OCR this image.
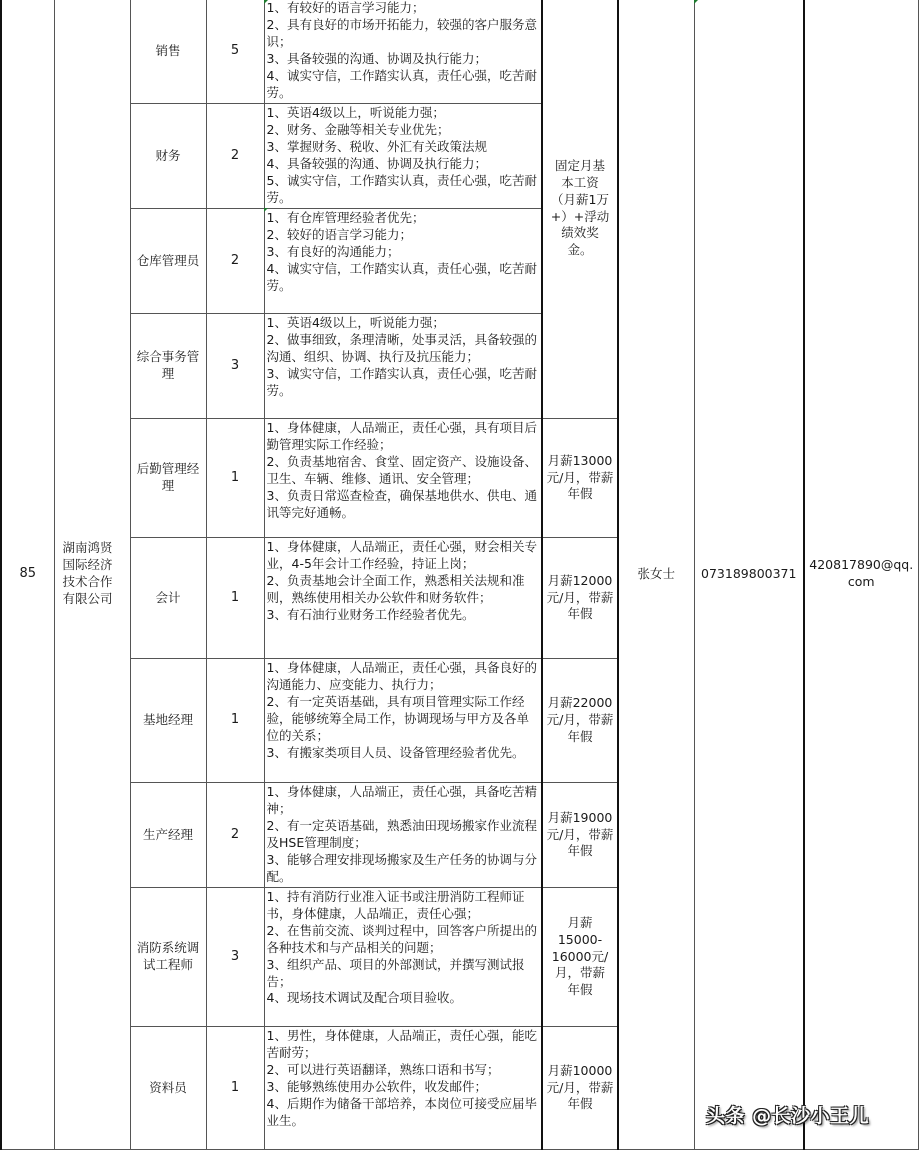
85	湖南鸿贤国际经济技术合作有限公司	销售	5	1、有较好的语言学习能力；
2、具有良好的市场开拓能力，较强的客户服务意识；
3、具备较强的沟通、协调及执行能力；
4、诚实守信，工作踏实认真，责任心强，吃苦耐劳。	固定月基本工资（月薪1万+）+浮动绩效奖金。	张女士	073189800371	420817890@qq.com
		财务	2	1、英语4级以上，听说能力强；
2、财务、金融等相关专业优先；
3、掌握财务、税收、外汇有关政策法规
4、具备较强的沟通、协调及执行能力；
5、诚实守信，工作踏实认真，责任心强，吃苦耐劳。				

		仓库管理员	2	1、有仓库管理经验者优先；
2、较好的语言学习能力；
3、有良好的沟通能力；
4、诚实守信，工作踏实认真，责任心强，吃苦耐劳。				

		综合事务管理	3	1、英语4级以上，听说能力强；
2、做事细致，条理清晰，处事灵活，具备较强的沟通、组织、协调、执行及抗压能力；
3、诚实守信，工作踏实认真，责任心强，吃苦耐劳。				

		后勤管理经理	1	1、身体健康，人品端正，责任心强，具有项目后勤管理实际工作经验；
2、负责基地宿舍、食堂、固定资产、设施设备、卫生、车辆、维修、通讯、安全管理；
3、负责日常巡查检查，确保基地供水、供电、通讯等完好通畅。	月薪13000元/月，带薪年假			
		会计	1	1、身体健康，人品端正，责任心强，财会相关专业，4-5年会计工作经验，持证上岗；
2、负责基地会计全面工作，熟悉相关法规和准则，熟练使用相关办公软件和财务软件；
3、有石油行业财务工作经验者优先。	月薪12000元/月，带薪年假			
		基地经理	1	1、身体健康，人品端正，责任心强，具备良好的沟通能力、应变能力、执行力；
2、有一定英语基础，具有项目管理实际工作经验，能够统筹全局工作，协调现场与甲方及各单位的关系；
3、有搬家类项目人员、设备管理经验者优先。	月薪22000元/月，带薪年假			
		生产经理	2	1、身体健康，人品端正，责任心强，具备吃苦精神；
2、有一定英语基础，熟悉油田现场搬家作业流程及HSE管理制度；
3、能够合理安排现场搬家及生产任务的协调与分配。	月薪19000元/月，带薪年假			
		消防系统调试工程师	3	1、持有消防行业准入证书或注册消防工程师证书，身体健康，人品端正，责任心强；
2、在售前交流、谈判过程中，回答客户所提出的各种技术和与产品相关的问题；
3、组织产品、项目的外部测试，并撰写测试报告；
4、现场技术调试及配合项目验收。	月薪15000-16000元/月，带薪年假			
		资料员	1	1、男性，身体健康，人品端正，责任心强，能吃苦耐劳；
2、可以进行英语翻译，熟练口语和书写；
3、能够熟练使用办公软件，收发邮件；
4、后期作为储备干部培养，本岗位可接受应届毕业生。	月薪10000元/月，带薪年假			
头条 @长沙小王儿
